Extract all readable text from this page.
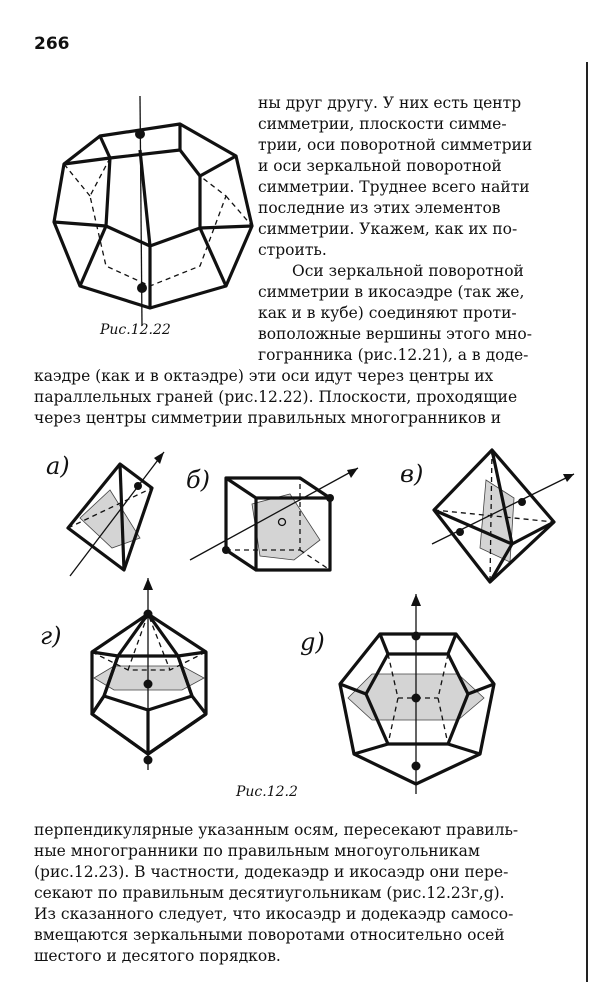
266
Рис.12.22

ны друг другу. У них есть центр

симметрии, плоскости симме-

трии, оси поворотной симметрии

и оси зеркальной поворотной

симметрии. Труднее всего найти

последние из этих элементов

симметрии. Укажем, как их по-

строить.

Оси зеркальной поворотной

симметрии в икосаэдре (так же,

как и в кубе) соединяют проти-

воположные вершины этого мно-

гогранника (рис.12.21), а в додe-

каэдре (как и в октаэдре) эти оси идут через центры их

параллельных граней (рис.12.22). Плоскости, проходящие

через центры симметрии правильных многогранников и

а)	б)	в)
г)	g)
Рис.12.2

перпендикулярные указанным осям, пересекают правиль-

ные многогранники по правильным многоугольникам

(рис.12.23). В частности, додекаэдр и икосаэдр они пере-

секают по правильным десятиугольникам (рис.12.23г,g).

Из сказанного следует, что икосаэдр и додекаэдр самосо-

вмещаются зеркальными поворотами относительно осей

шестого и десятого порядков.
